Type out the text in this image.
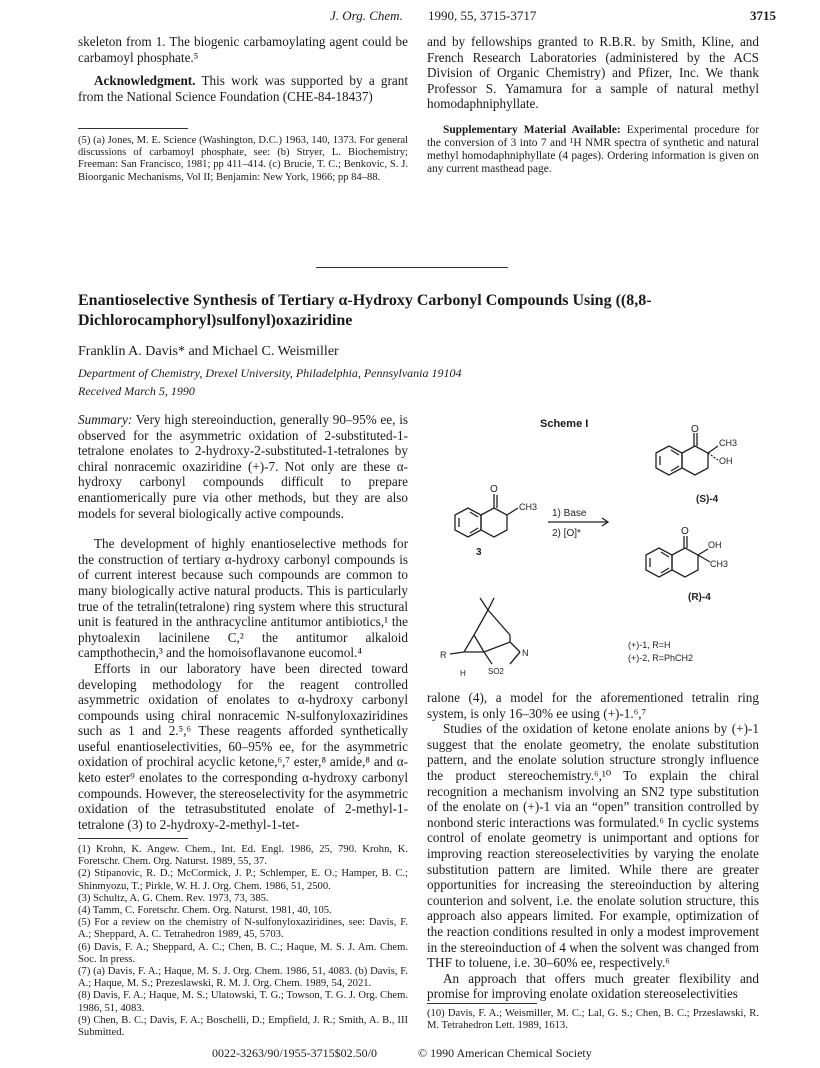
J. Org. Chem. 1990, 55, 3715-3717	3715

skeleton from 1. The biogenic carbamoylating agent could be carbamoyl phosphate.⁵

Acknowledgment. This work was supported by a grant from the National Science Foundation (CHE-84-18437)

(5) (a) Jones, M. E. Science (Washington, D.C.) 1963, 140, 1373. For general discussions of carbamoyl phosphate, see: (b) Stryer, L. Biochemistry; Freeman: San Francisco, 1981; pp 411–414. (c) Brucie, T. C.; Benkovic, S. J. Bioorganic Mechanisms, Vol II; Benjamin: New York, 1966; pp 84–88.

and by fellowships granted to R.B.R. by Smith, Kline, and French Research Laboratories (administered by the ACS Division of Organic Chemistry) and Pfizer, Inc. We thank Professor S. Yamamura for a sample of natural methyl homodaphniphyllate.

Supplementary Material Available: Experimental procedure for the conversion of 3 into 7 and ¹H NMR spectra of synthetic and natural methyl homodaphniphyllate (4 pages). Ordering information is given on any current masthead page.

Enantioselective Synthesis of Tertiary α-Hydroxy Carbonyl Compounds Using ((8,8-Dichlorocamphoryl)sulfonyl)oxaziridine
Franklin A. Davis* and Michael C. Weismiller
Department of Chemistry, Drexel University, Philadelphia, Pennsylvania 19104
Received March 5, 1990

Summary: Very high stereoinduction, generally 90–95% ee, is observed for the asymmetric oxidation of 2-substituted-1-tetralone enolates to 2-hydroxy-2-substituted-1-tetralones by chiral nonracemic oxaziridine (+)-7. Not only are these α-hydroxy carbonyl compounds difficult to prepare enantiomerically pure via other methods, but they are also models for several biologically active compounds.

The development of highly enantioselective methods for the construction of tertiary α-hydroxy carbonyl compounds is of current interest because such compounds are common to many biologically active natural products. This is particularly true of the tetralin(tetralone) ring system where this structural unit is featured in the anthracycline antitumor antibiotics,¹ the phytoalexin lacinilene C,² the antitumor alkaloid campthothecin,³ and the homoisoflavanone eucomol.⁴

Efforts in our laboratory have been directed toward developing methodology for the reagent controlled asymmetric oxidation of enolates to α-hydroxy carbonyl compounds using chiral nonracemic N-sulfonyloxaziridines such as 1 and 2.⁵,⁶ These reagents afforded synthetically useful enantioselectivities, 60–95% ee, for the asymmetric oxidation of prochiral acyclic ketone,⁶,⁷ ester,⁸ amide,⁸ and α-keto ester⁹ enolates to the corresponding α-hydroxy carbonyl compounds. However, the stereoselectivity for the asymmetric oxidation of the tetrasubstituted enolate of 2-methyl-1-tetralone (3) to 2-hydroxy-2-methyl-1-tet-

(1) Krohn, K. Angew. Chem., Int. Ed. Engl. 1986, 25, 790. Krohn, K. Foretschr. Chem. Org. Naturst. 1989, 55, 37.

(2) Stipanovic, R. D.; McCormick, J. P.; Schlemper, E. O.; Hamper, B. C.; Shinmyozu, T.; Pirkle, W. H. J. Org. Chem. 1986, 51, 2500.

(3) Schultz, A. G. Chem. Rev. 1973, 73, 385.

(4) Tamm, C. Foretschr. Chem. Org. Naturst. 1981, 40, 105.

(5) For a review on the chemistry of N-sulfonyloxaziridines, see: Davis, F. A.; Sheppard, A. C. Tetrahedron 1989, 45, 5703.

(6) Davis, F. A.; Sheppard, A. C.; Chen, B. C.; Haque, M. S. J. Am. Chem. Soc. In press.

(7) (a) Davis, F. A.; Haque, M. S. J. Org. Chem. 1986, 51, 4083. (b) Davis, F. A.; Haque, M. S.; Prezeslawski, R. M. J. Org. Chem. 1989, 54, 2021.

(8) Davis, F. A.; Haque, M. S.; Ulatowski, T. G.; Towson, T. G. J. Org. Chem. 1986, 51, 4083.

(9) Chen, B. C.; Davis, F. A.; Boschelli, D.; Empfield, J. R.; Smith, A. B., III Submitted.

Scheme I
O
CH3
3
1) Base
2) [O]*
O
CH3
OH
(S)-4
O
OH
CH3
(R)-4
R	N
SO2
H
(+)-1, R=H
(+)-2, R=PhCH2

ralone (4), a model for the aforementioned tetralin ring system, is only 16–30% ee using (+)-1.⁶,⁷

Studies of the oxidation of ketone enolate anions by (+)-1 suggest that the enolate geometry, the enolate substitution pattern, and the enolate solution structure strongly influence the product stereochemistry.⁶,¹⁰ To explain the chiral recognition a mechanism involving an SN2 type substitution of the enolate on (+)-1 via an “open” transition controlled by nonbond steric interactions was formulated.⁶ In cyclic systems control of enolate geometry is unimportant and options for improving reaction stereoselectivities by varying the enolate substitution pattern are limited. While there are greater opportunities for increasing the stereoinduction by altering counterion and solvent, i.e. the enolate solution structure, this approach also appears limited. For example, optimization of the reaction conditions resulted in only a modest improvement in the stereoinduction of 4 when the solvent was changed from THF to toluene, i.e. 30–60% ee, respectively.⁶

An approach that offers much greater flexibility and promise for improving enolate oxidation stereoselectivities

(10) Davis, F. A.; Weismiller, M. C.; Lal, G. S.; Chen, B. C.; Przeslawski, R. M. Tetrahedron Lett. 1989, 1613.
0022-3263/90/1955-3715$02.50/0	© 1990 American Chemical Society
